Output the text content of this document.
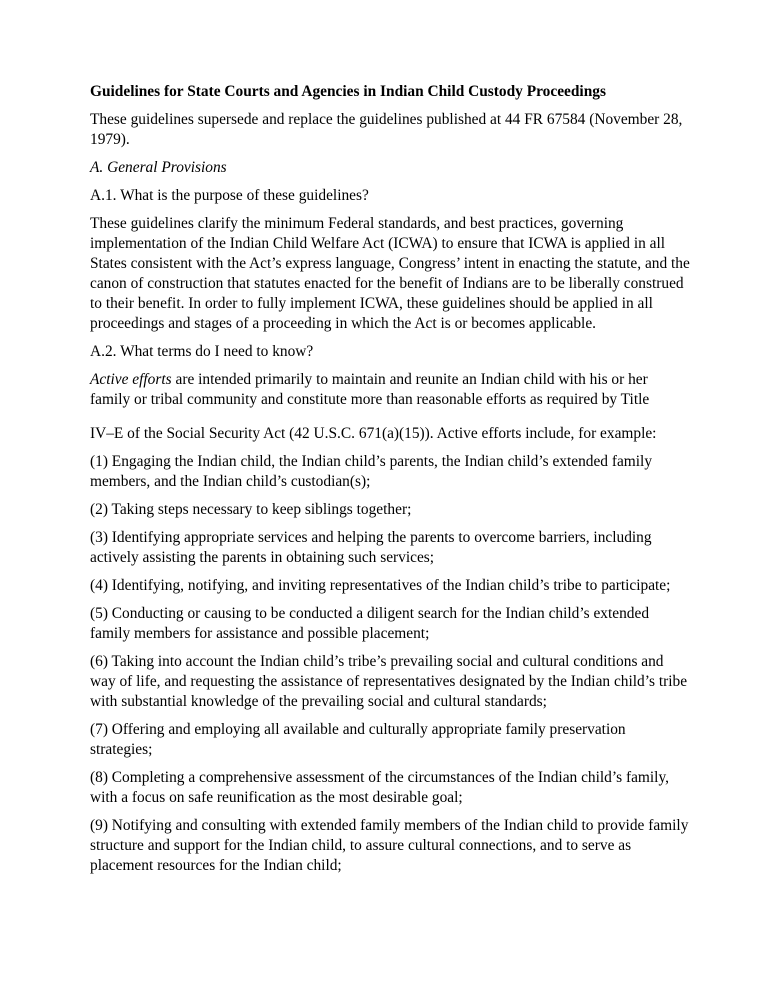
Guidelines for State Courts and Agencies in Indian Child Custody Proceedings

These guidelines supersede and replace the guidelines published at 44 FR 67584 (November 28, 1979).

A. General Provisions

A.1. What is the purpose of these guidelines?

These guidelines clarify the minimum Federal standards, and best practices, governing implementation of the Indian Child Welfare Act (ICWA) to ensure that ICWA is applied in all States consistent with the Act’s express language, Congress’ intent in enacting the statute, and the canon of construction that statutes enacted for the benefit of Indians are to be liberally construed to their benefit. In order to fully implement ICWA, these guidelines should be applied in all proceedings and stages of a proceeding in which the Act is or becomes applicable.

A.2. What terms do I need to know?

Active efforts are intended primarily to maintain and reunite an Indian child with his or her family or tribal community and constitute more than reasonable efforts as required by Title

IV–E of the Social Security Act (42 U.S.C. 671(a)(15)). Active efforts include, for example:

(1) Engaging the Indian child, the Indian child’s parents, the Indian child’s extended family members, and the Indian child’s custodian(s);

(2) Taking steps necessary to keep siblings together;

(3) Identifying appropriate services and helping the parents to overcome barriers, including actively assisting the parents in obtaining such services;

(4) Identifying, notifying, and inviting representatives of the Indian child’s tribe to participate;

(5) Conducting or causing to be conducted a diligent search for the Indian child’s extended family members for assistance and possible placement;

(6) Taking into account the Indian child’s tribe’s prevailing social and cultural conditions and way of life, and requesting the assistance of representatives designated by the Indian child’s tribe with substantial knowledge of the prevailing social and cultural standards;

(7) Offering and employing all available and culturally appropriate family preservation strategies;

(8) Completing a comprehensive assessment of the circumstances of the Indian child’s family, with a focus on safe reunification as the most desirable goal;

(9) Notifying and consulting with extended family members of the Indian child to provide family structure and support for the Indian child, to assure cultural connections, and to serve as placement resources for the Indian child;
